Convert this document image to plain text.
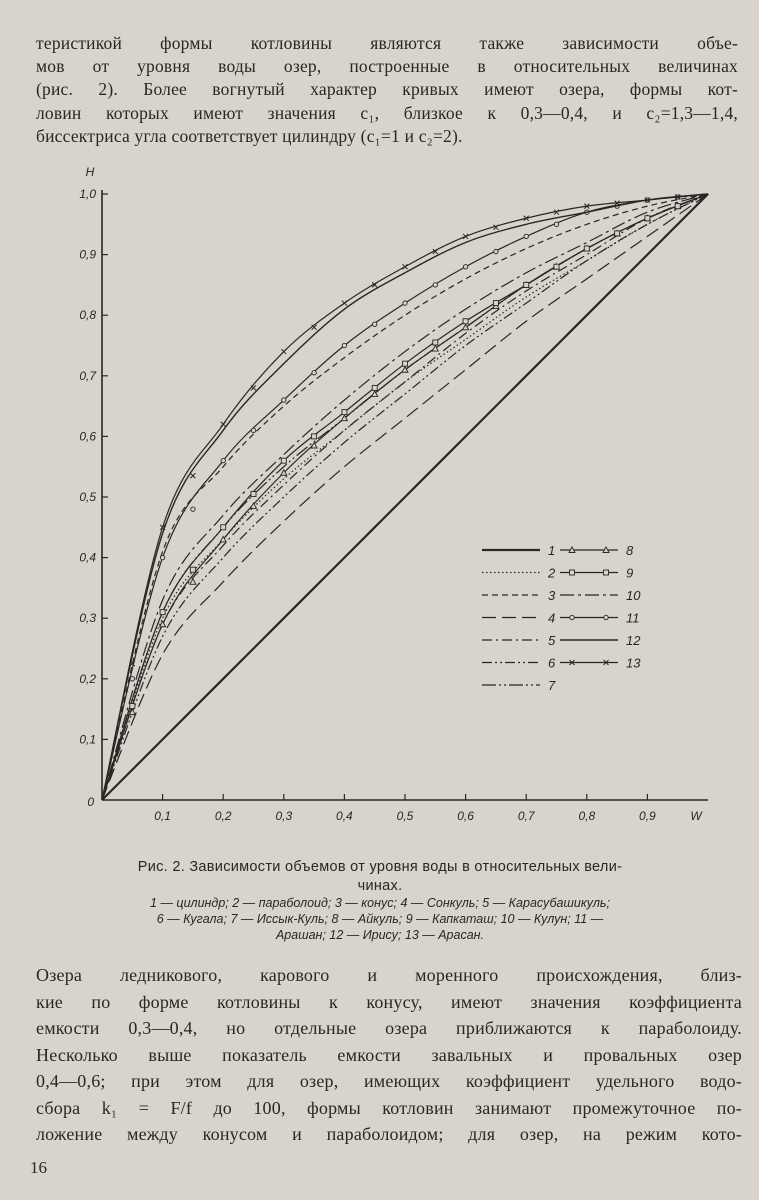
теристикой формы котловины являются также зависимости объе-
мов от уровня воды озер, построенные в относительных величинах
(рис. 2). Более вогнутый характер кривых имеют озера, формы кот-
ловин которых имеют значения c₁, близкое к 0,3—0,4, и c₂=1,3—1,4,
биссектриса угла соответствует цилиндру (c₁=1 и c₂=2).
0,1
0,2
0,3
0,4
0,5
0,6
0,7
0,8
0,9
1,0
0,1	0,2	0,3	0,4	0,5	0,6	0,7	0,8	0,9
H
W
0
1
2
3
4
5
6
7
8
9
10
11
12
13
Рис. 2. Зависимости объемов от уровня воды в относительных вели-
чинах.
1 — цилиндр; 2 — параболоид; 3 — конус; 4 — Сонкуль; 5 — Карасубашикуль;
6 — Кугала; 7 — Иссык-Куль; 8 — Айкуль; 9 — Капкаташ; 10 — Кулун; 11 —
Арашан; 12 — Ирису; 13 — Арасан.
Озера ледникового, карового и моренного происхождения, близ-
кие по форме котловины к конусу, имеют значения коэффициента
емкости 0,3—0,4, но отдельные озера приближаются к параболоиду.
Несколько выше показатель емкости завальных и провальных озер
0,4—0,6; при этом для озер, имеющих коэффициент удельного водо-
сбора k₁ = F/f до 100, формы котловин занимают промежуточное по-
ложение между конусом и параболоидом; для озер, на режим кото-
16
